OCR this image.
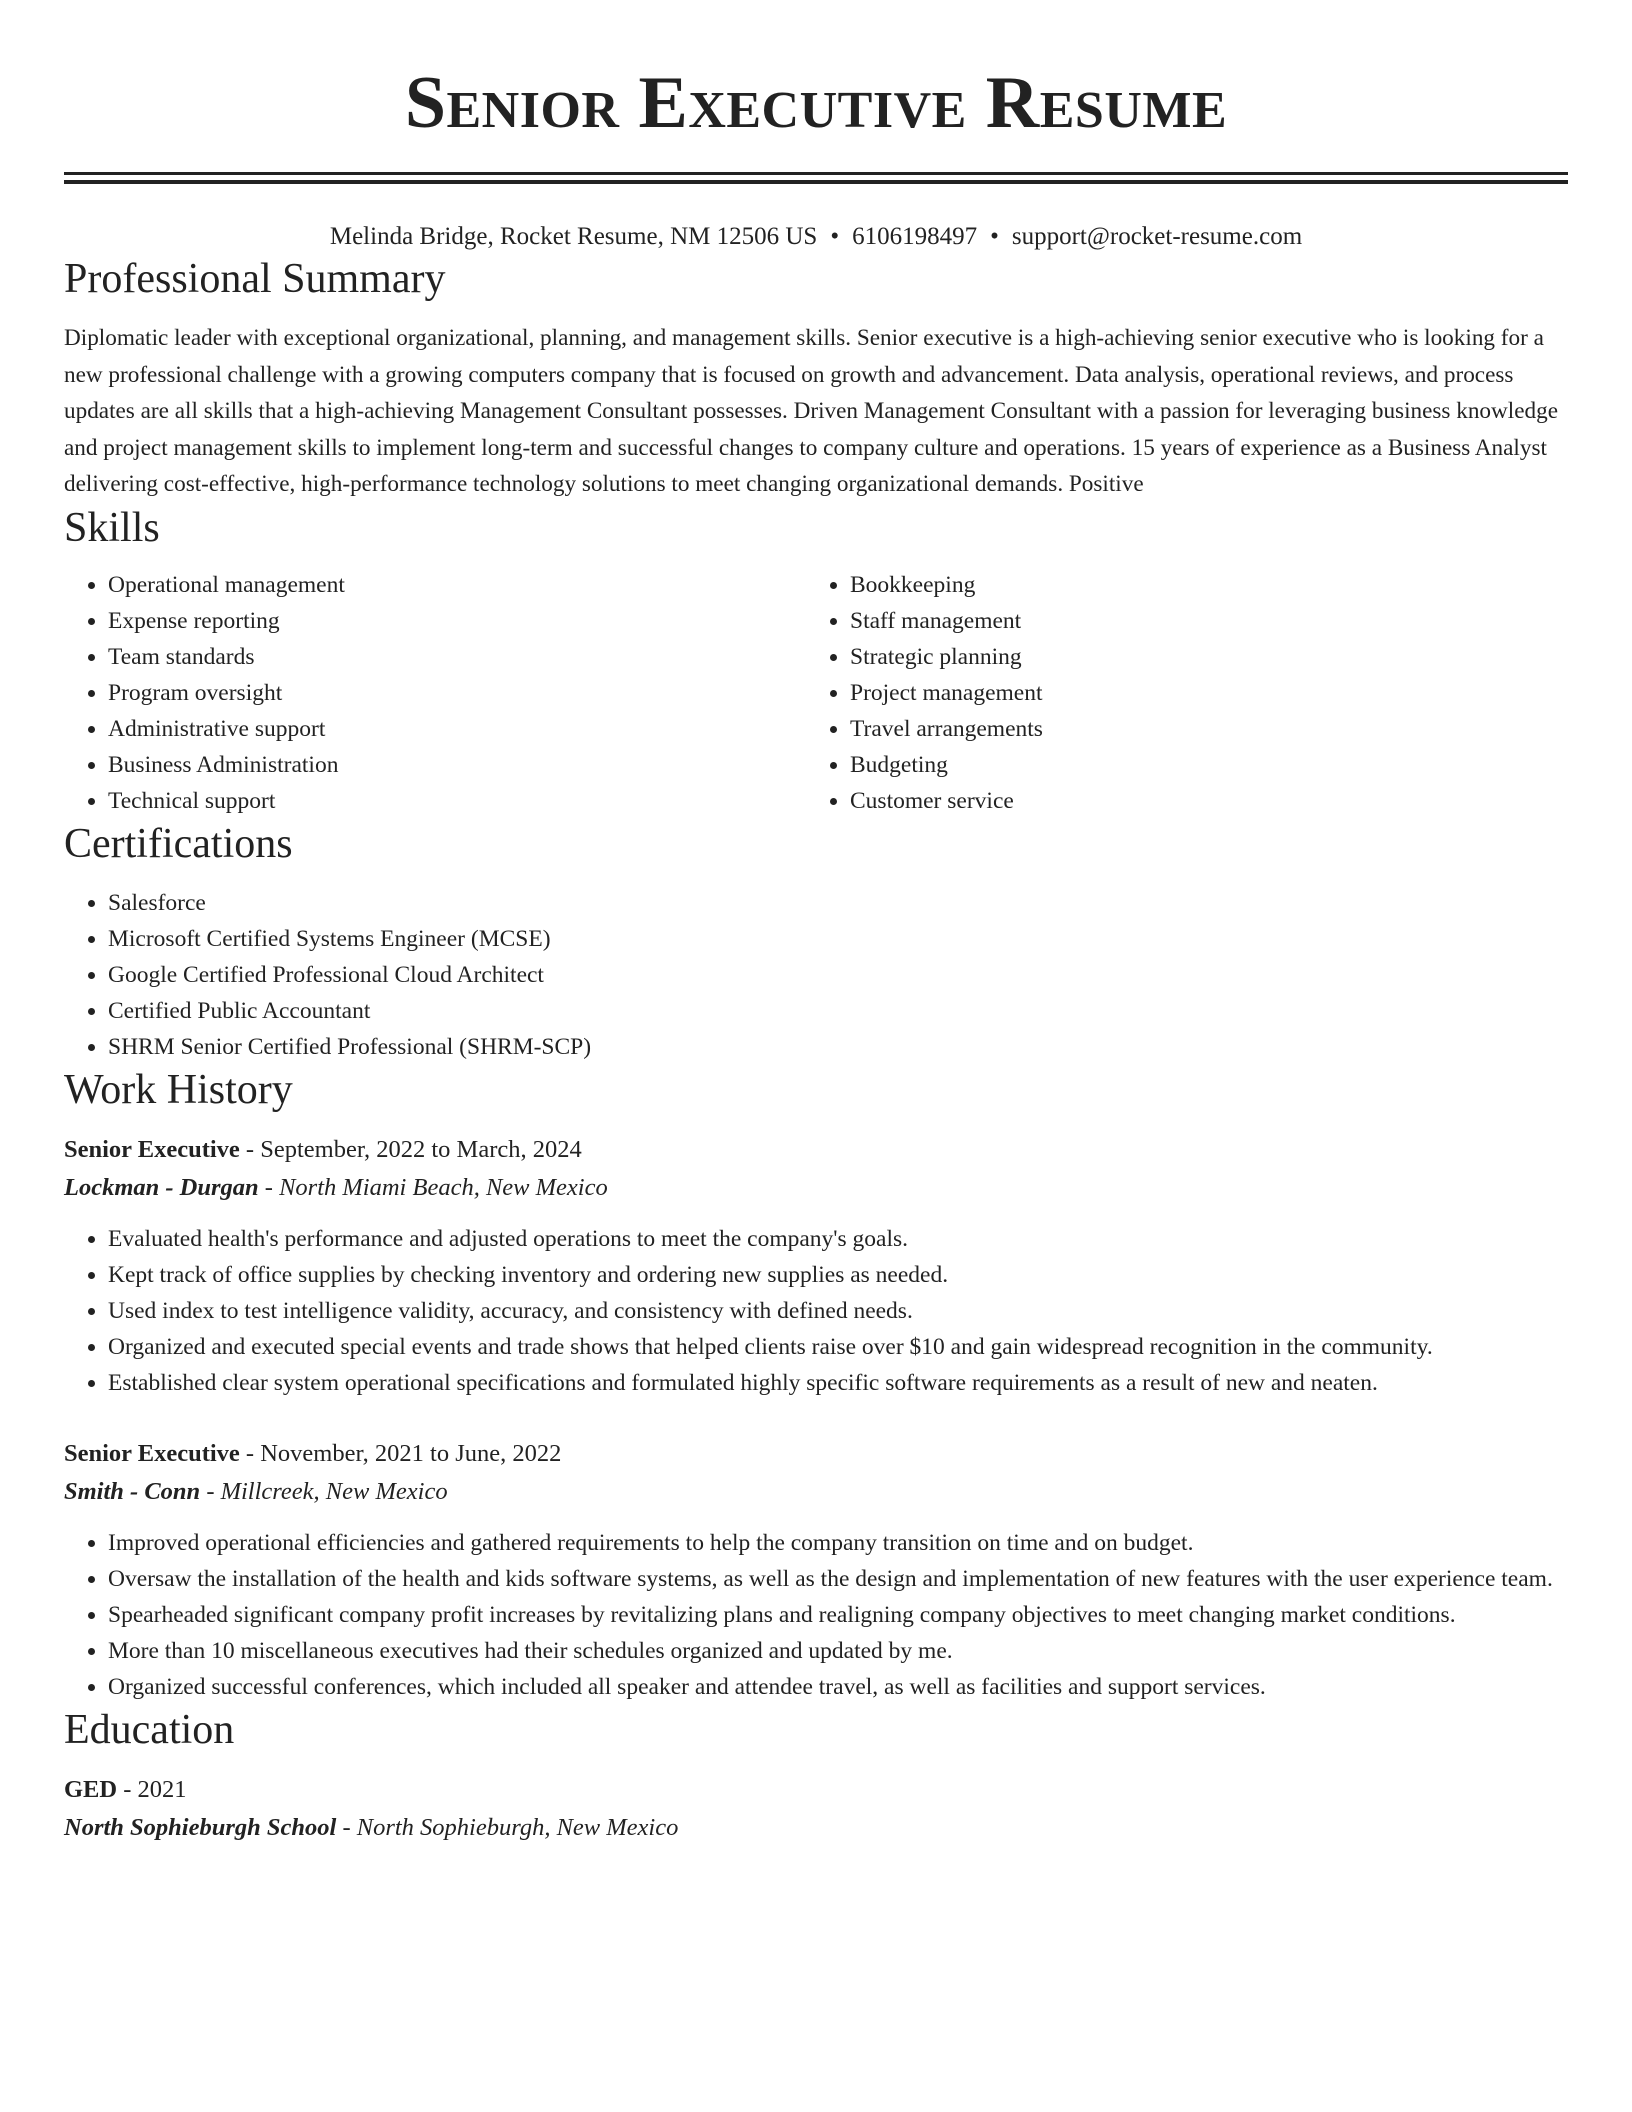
Senior Executive Resume
Melinda Bridge, Rocket Resume, NM 12506 US • 6106198497 • support@rocket-resume.com
Professional Summary

Diplomatic leader with exceptional organizational, planning, and management skills. Senior executive is a high-achieving senior executive who is looking for a new professional challenge with a growing computers company that is focused on growth and advancement. Data analysis, operational reviews, and process updates are all skills that a high-achieving Management Consultant possesses. Driven Management Consultant with a passion for leveraging business knowledge and project management skills to implement long-term and successful changes to company culture and operations. 15 years of experience as a Business Analyst delivering cost-effective, high-performance technology solutions to meet changing organizational demands. Positive

Skills
• Operational management
• Expense reporting
• Team standards
• Program oversight
• Administrative support
• Business Administration
• Technical support
• Bookkeeping
• Staff management
• Strategic planning
• Project management
• Travel arrangements
• Budgeting
• Customer service
Certifications
• Salesforce
• Microsoft Certified Systems Engineer (MCSE)
• Google Certified Professional Cloud Architect
• Certified Public Accountant
• SHRM Senior Certified Professional (SHRM-SCP)
Work History
Senior Executive - September, 2022 to March, 2024
Lockman - Durgan - North Miami Beach, New Mexico
• Evaluated health's performance and adjusted operations to meet the company's goals.
• Kept track of office supplies by checking inventory and ordering new supplies as needed.
• Used index to test intelligence validity, accuracy, and consistency with defined needs.
• Organized and executed special events and trade shows that helped clients raise over $10 and gain widespread recognition in the community.
• Established clear system operational specifications and formulated highly specific software requirements as a result of new and neaten.
Senior Executive - November, 2021 to June, 2022
Smith - Conn - Millcreek, New Mexico
• Improved operational efficiencies and gathered requirements to help the company transition on time and on budget.
• Oversaw the installation of the health and kids software systems, as well as the design and implementation of new features with the user experience team.
• Spearheaded significant company profit increases by revitalizing plans and realigning company objectives to meet changing market conditions.
• More than 10 miscellaneous executives had their schedules organized and updated by me.
• Organized successful conferences, which included all speaker and attendee travel, as well as facilities and support services.
Education
GED - 2021
North Sophieburgh School - North Sophieburgh, New Mexico
